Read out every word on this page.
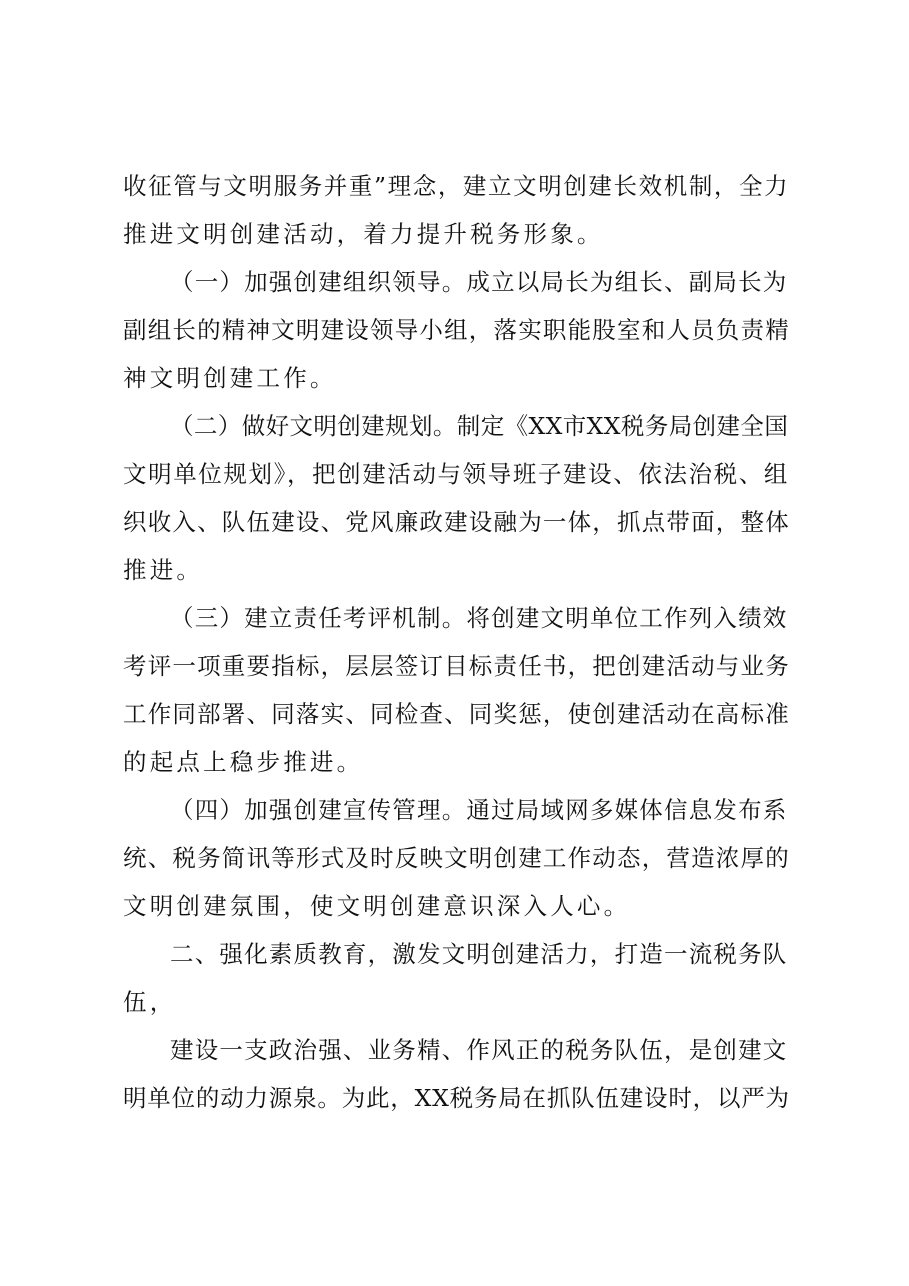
收征管与文明服务并重”理念，建立文明创建长效机制，全力
推进文明创建活动，着力提升税务形象。
（一）加强创建组织领导。成立以局长为组长、副局长为
副组长的精神文明建设领导小组，落实职能股室和人员负责精
神文明创建工作。
（二）做好文明创建规划。制定《XX市XX税务局创建全国
文明单位规划》，把创建活动与领导班子建设、依法治税、组
织收入、队伍建设、党风廉政建设融为一体，抓点带面，整体
推进。
（三）建立责任考评机制。将创建文明单位工作列入绩效
考评一项重要指标，层层签订目标责任书，把创建活动与业务
工作同部署、同落实、同检查、同奖惩，使创建活动在高标准
的起点上稳步推进。
（四）加强创建宣传管理。通过局域网多媒体信息发布系
统、税务简讯等形式及时反映文明创建工作动态，营造浓厚的
文明创建氛围，使文明创建意识深入人心。
二、强化素质教育，激发文明创建活力，打造一流税务队
伍，
建设一支政治强、业务精、作风正的税务队伍，是创建文
明单位的动力源泉。为此，XX税务局在抓队伍建设时，以严为
